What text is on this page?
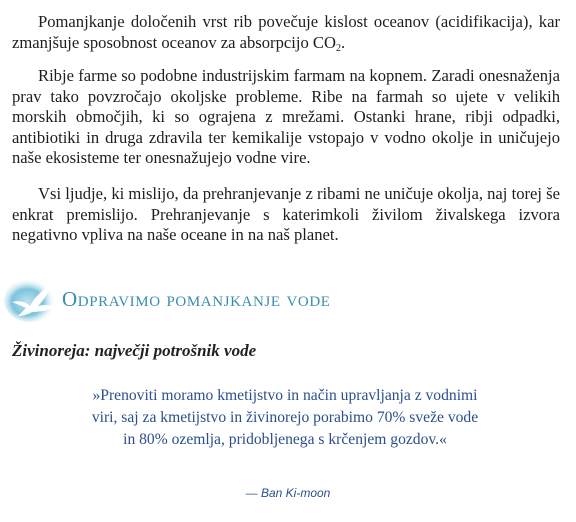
Pomanjkanje določenih vrst rib povečuje kislost oceanov (acidifikacija), kar zmanjšuje sposobnost oceanov za absorpcijo $CO_2$.

Ribje farme so podobne industrijskim farmam na kopnem. Zaradi onesnaženja prav tako povzročajo okoljske probleme. Ribe na farmah so ujete v velikih morskih območjih, ki so ograjena z mrežami. Ostanki hrane, ribji odpadki, antibiotiki in druga zdravila ter kemikalije vstopajo v vodno okolje in uničujejo naše ekosisteme ter onesnažujejo vodne vire.

Vsi ljudje, ki mislijo, da prehranjevanje z ribami ne uničuje okolja, naj torej še enkrat premislijo. Prehranjevanje s katerimkoli živilom živalskega izvora negativno vpliva na naše oceane in na naš planet.

Odpravimo pomanjkanje vode
Živinoreja: največji potrošnik vode

»Prenoviti moramo kmetijstvo in način upravljanja z vodnimi viri, saj za kmetijstvo in živinorejo porabimo 70% sveže vode in 80% ozemlja, pridobljenega s krčenjem gozdov.«

— Ban Ki-moon
